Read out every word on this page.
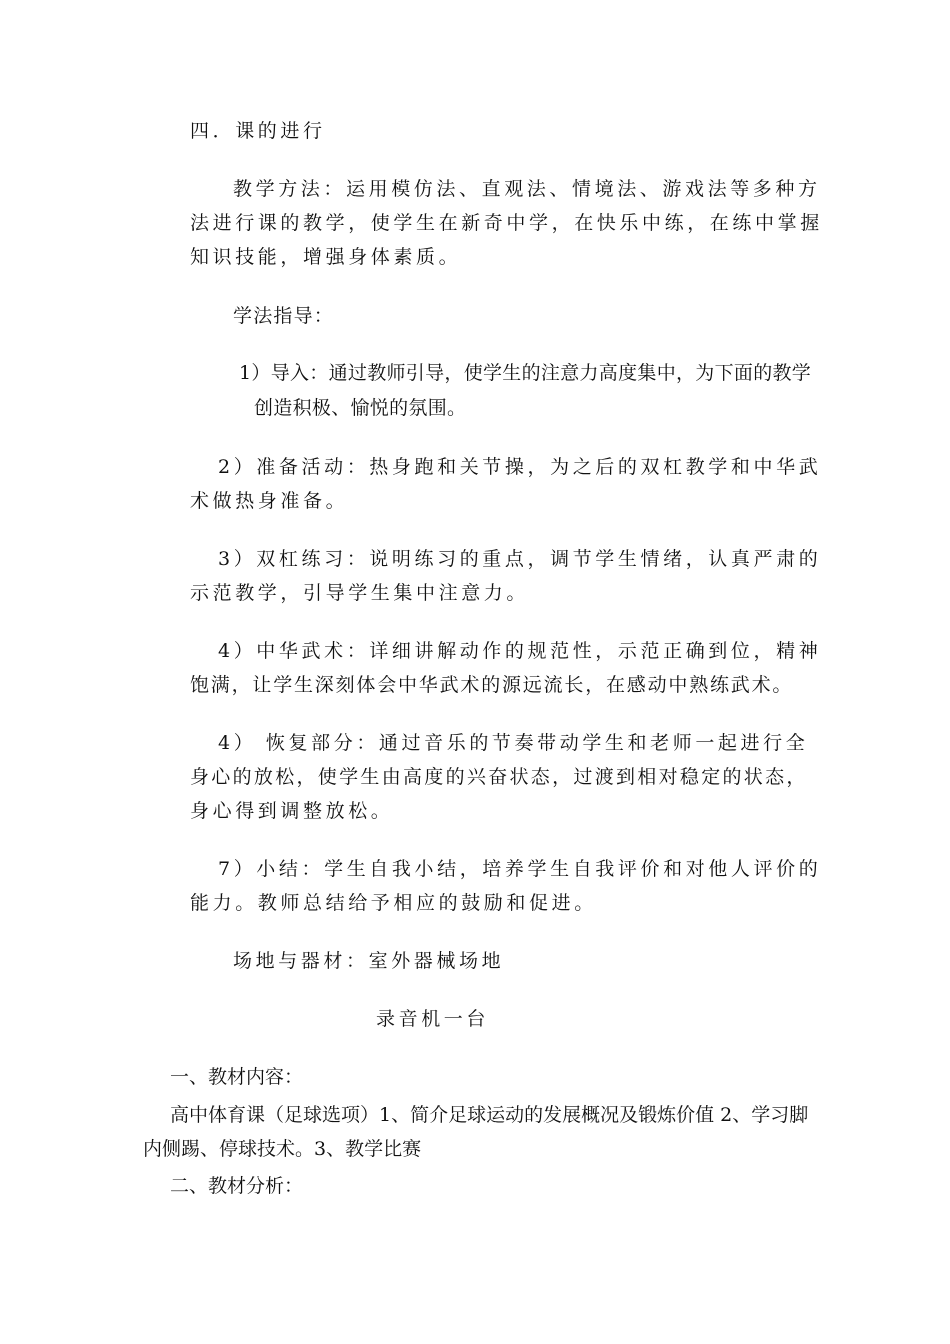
四．课的进行
教学方法：运用模仿法、直观法、情境法、游戏法等多种方
法进行课的教学，使学生在新奇中学，在快乐中练，在练中掌握
知识技能，增强身体素质。
学法指导：
1）导入：通过教师引导，使学生的注意力高度集中，为下面的教学
创造积极、愉悦的氛围。
2）准备活动：热身跑和关节操，为之后的双杠教学和中华武
术做热身准备。
3）双杠练习：说明练习的重点，调节学生情绪，认真严肃的
示范教学，引导学生集中注意力。
4）中华武术：详细讲解动作的规范性，示范正确到位，精神
饱满，让学生深刻体会中华武术的源远流长，在感动中熟练武术。
4） 恢复部分：通过音乐的节奏带动学生和老师一起进行全
身心的放松，使学生由高度的兴奋状态，过渡到相对稳定的状态，
身心得到调整放松。
7）小结：学生自我小结，培养学生自我评价和对他人评价的
能力。教师总结给予相应的鼓励和促进。
场地与器材：室外器械场地
录音机一台
一、教材内容：
高中体育课（足球选项）1、简介足球运动的发展概况及锻炼价值 2、学习脚
内侧踢、停球技术。3、教学比赛
二、教材分析：
